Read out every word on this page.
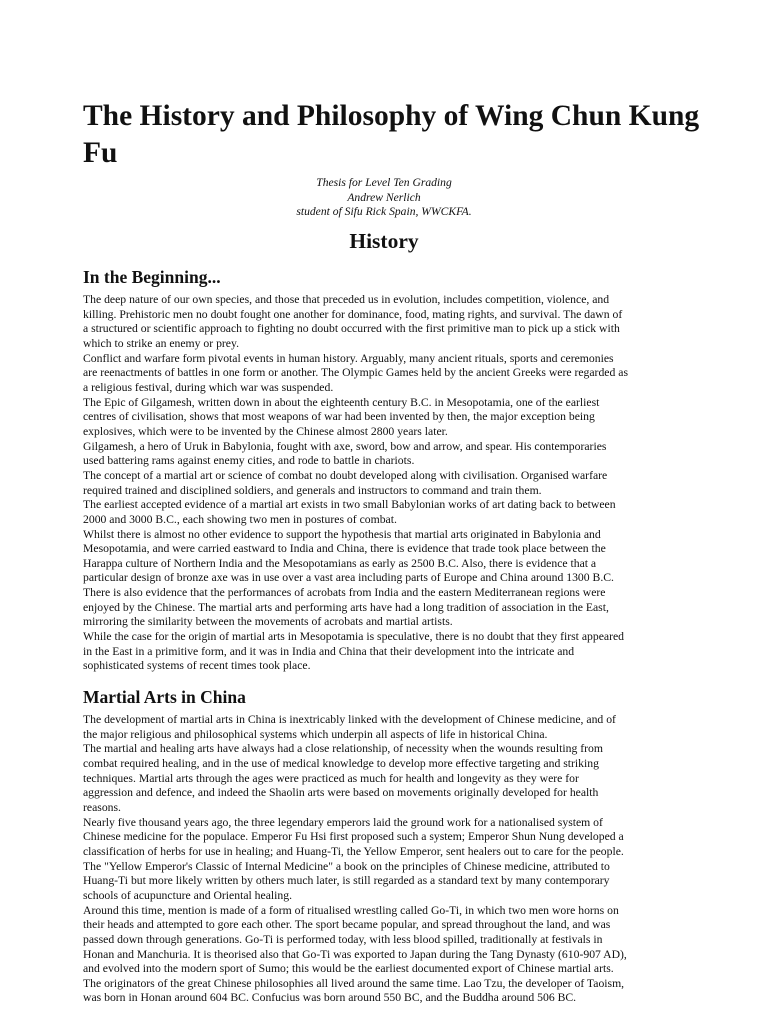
The History and Philosophy of Wing Chun Kung Fu
Thesis for Level Ten Grading
Andrew Nerlich
student of Sifu Rick Spain, WWCKFA.
History
In the Beginning...
The deep nature of our own species, and those that preceded us in evolution, includes competition, violence, and
killing. Prehistoric men no doubt fought one another for dominance, food, mating rights, and survival. The dawn of
a structured or scientific approach to fighting no doubt occurred with the first primitive man to pick up a stick with
which to strike an enemy or prey.
Conflict and warfare form pivotal events in human history. Arguably, many ancient rituals, sports and ceremonies
are reenactments of battles in one form or another. The Olympic Games held by the ancient Greeks were regarded as
a religious festival, during which war was suspended.
The Epic of Gilgamesh, written down in about the eighteenth century B.C. in Mesopotamia, one of the earliest
centres of civilisation, shows that most weapons of war had been invented by then, the major exception being
explosives, which were to be invented by the Chinese almost 2800 years later.
Gilgamesh, a hero of Uruk in Babylonia, fought with axe, sword, bow and arrow, and spear. His contemporaries
used battering rams against enemy cities, and rode to battle in chariots.
The concept of a martial art or science of combat no doubt developed along with civilisation. Organised warfare
required trained and disciplined soldiers, and generals and instructors to command and train them.
The earliest accepted evidence of a martial art exists in two small Babylonian works of art dating back to between
2000 and 3000 B.C., each showing two men in postures of combat.
Whilst there is almost no other evidence to support the hypothesis that martial arts originated in Babylonia and
Mesopotamia, and were carried eastward to India and China, there is evidence that trade took place between the
Harappa culture of Northern India and the Mesopotamians as early as 2500 B.C. Also, there is evidence that a
particular design of bronze axe was in use over a vast area including parts of Europe and China around 1300 B.C.
There is also evidence that the performances of acrobats from India and the eastern Mediterranean regions were
enjoyed by the Chinese. The martial arts and performing arts have had a long tradition of association in the East,
mirroring the similarity between the movements of acrobats and martial artists.
While the case for the origin of martial arts in Mesopotamia is speculative, there is no doubt that they first appeared
in the East in a primitive form, and it was in India and China that their development into the intricate and
sophisticated systems of recent times took place.
Martial Arts in China
The development of martial arts in China is inextricably linked with the development of Chinese medicine, and of
the major religious and philosophical systems which underpin all aspects of life in historical China.
The martial and healing arts have always had a close relationship, of necessity when the wounds resulting from
combat required healing, and in the use of medical knowledge to develop more effective targeting and striking
techniques. Martial arts through the ages were practiced as much for health and longevity as they were for
aggression and defence, and indeed the Shaolin arts were based on movements originally developed for health
reasons.
Nearly five thousand years ago, the three legendary emperors laid the ground work for a nationalised system of
Chinese medicine for the populace. Emperor Fu Hsi first proposed such a system; Emperor Shun Nung developed a
classification of herbs for use in healing; and Huang-Ti, the Yellow Emperor, sent healers out to care for the people.
The "Yellow Emperor's Classic of Internal Medicine" a book on the principles of Chinese medicine, attributed to
Huang-Ti but more likely written by others much later, is still regarded as a standard text by many contemporary
schools of acupuncture and Oriental healing.
Around this time, mention is made of a form of ritualised wrestling called Go-Ti, in which two men wore horns on
their heads and attempted to gore each other. The sport became popular, and spread throughout the land, and was
passed down through generations. Go-Ti is performed today, with less blood spilled, traditionally at festivals in
Honan and Manchuria. It is theorised also that Go-Ti was exported to Japan during the Tang Dynasty (610-907 AD),
and evolved into the modern sport of Sumo; this would be the earliest documented export of Chinese martial arts.
The originators of the great Chinese philosophies all lived around the same time. Lao Tzu, the developer of Taoism,
was born in Honan around 604 BC. Confucius was born around 550 BC, and the Buddha around 506 BC.
